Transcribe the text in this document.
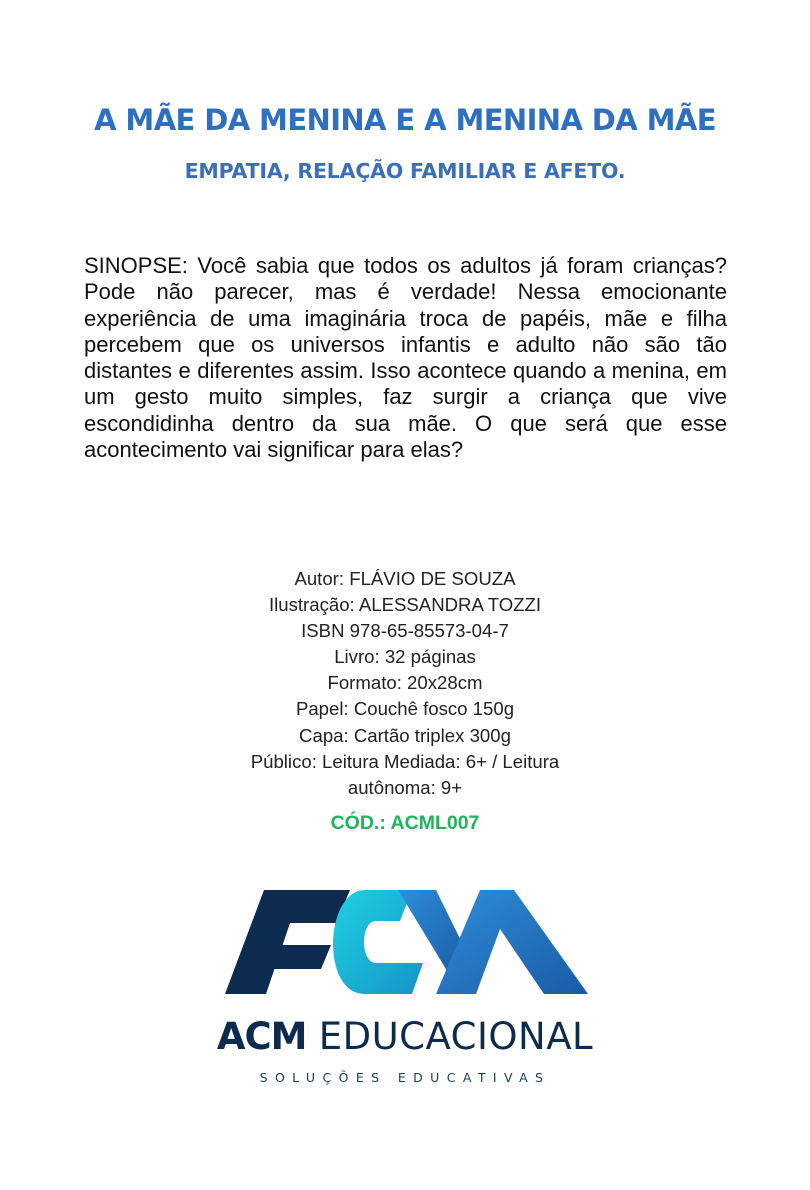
A MÃE DA MENINA E A MENINA DA MÃE
EMPATIA, RELAÇÃO FAMILIAR E AFETO.

SINOPSE: Você sabia que todos os adultos já foram crianças? Pode não parecer, mas é verdade! Nessa emocionante experiência de uma imaginária troca de papéis, mãe e filha percebem que os universos infantis e adulto não são tão distantes e diferentes assim. Isso acontece quando a menina, em um gesto muito simples, faz surgir a criança que vive escondidinha dentro da sua mãe. O que será que esse acontecimento vai significar para elas?

Autor: FLÁVIO DE SOUZA
Ilustração: ALESSANDRA TOZZI
ISBN 978-65-85573-04-7
Livro: 32 páginas
Formato: 20x28cm
Papel: Couchê fosco 150g
Capa: Cartão triplex 300g
Público: Leitura Mediada: 6+ / Leitura
autônoma: 9+
CÓD.: ACML007
ACM EDUCACIONAL
SOLUÇÕES EDUCATIVAS
